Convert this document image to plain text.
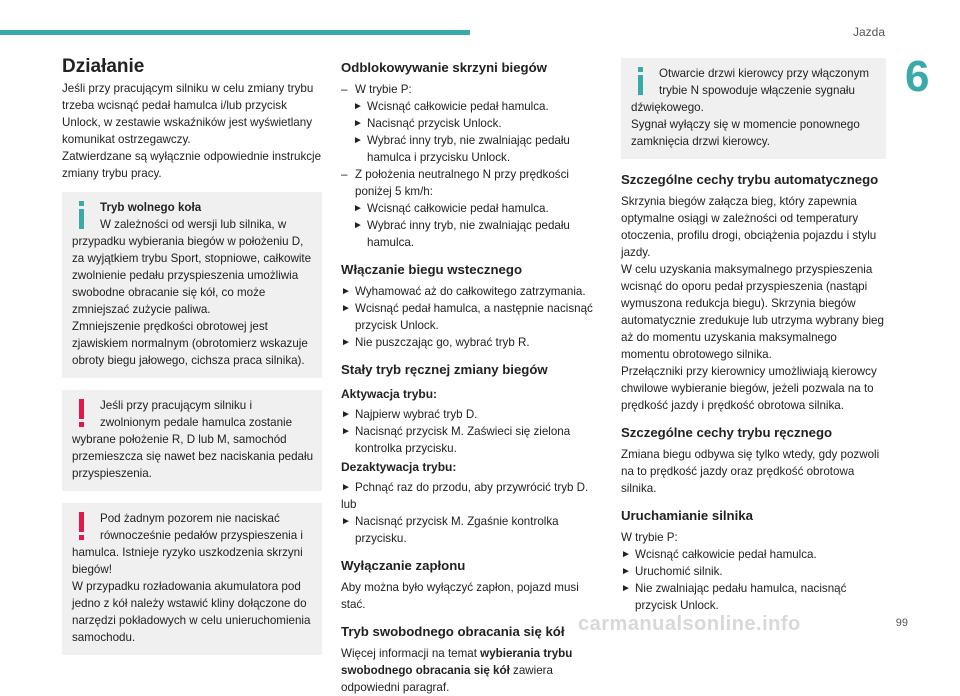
Jazda
6
Działanie

Jeśli przy pracującym silniku w celu zmiany trybu trzeba wcisnąć pedał hamulca i/lub przycisk Unlock, w zestawie wskaźników jest wyświetlany komunikat ostrzegawczy.

Zatwierdzane są wyłącznie odpowiednie instrukcje zmiany trybu pracy.

Tryb wolnego koła

W zależności od wersji lub silnika, w przypadku wybierania biegów w położeniu D, za wyjątkiem trybu Sport, stopniowe, całkowite zwolnienie pedału przyspieszenia umożliwia swobodne obracanie się kół, co może zmniejszać zużycie paliwa.

Zmniejszenie prędkości obrotowej jest zjawiskiem normalnym (obrotomierz wskazuje obroty biegu jałowego, cichsza praca silnika).

Jeśli przy pracującym silniku i zwolnionym pedale hamulca zostanie wybrane położenie R, D lub M, samochód przemieszcza się nawet bez naciskania pedału przyspieszenia.

Pod żadnym pozorem nie naciskać równocześnie pedałów przyspieszenia i hamulca. Istnieje ryzyko uszkodzenia skrzyni biegów!

W przypadku rozładowania akumulatora pod jedno z kół należy wstawić kliny dołączone do narzędzi pokładowych w celu unieruchomienia samochodu.

Odblokowywanie skrzyni biegów
– W trybie P:
► Wcisnąć całkowicie pedał hamulca.
► Nacisnąć przycisk Unlock.
► Wybrać inny tryb, nie zwalniając pedału hamulca i przycisku Unlock.
– Z położenia neutralnego N przy prędkości poniżej 5 km/h:
► Wcisnąć całkowicie pedał hamulca.
► Wybrać inny tryb, nie zwalniając pedału hamulca.
Włączanie biegu wstecznego
► Wyhamować aż do całkowitego zatrzymania.
► Wcisnąć pedał hamulca, a następnie nacisnąć przycisk Unlock.
► Nie puszczając go, wybrać tryb R.
Stały tryb ręcznej zmiany biegów
Aktywacja trybu:
► Najpierw wybrać tryb D.
► Nacisnąć przycisk M. Zaświeci się zielona kontrolka przycisku.
Dezaktywacja trybu:
► Pchnąć raz do przodu, aby przywrócić tryb D.
lub
► Nacisnąć przycisk M. Zgaśnie kontrolka przycisku.
Wyłączanie zapłonu

Aby można było wyłączyć zapłon, pojazd musi stać.

Tryb swobodnego obracania się kół

Więcej informacji na temat wybierania trybu swobodnego obracania się kół zawiera odpowiedni paragraf.

Otwarcie drzwi kierowcy przy włączonym trybie N spowoduje włączenie sygnału dźwiękowego.

Sygnał wyłączy się w momencie ponownego zamknięcia drzwi kierowcy.

Szczególne cechy trybu automatycznego

Skrzynia biegów załącza bieg, który zapewnia optymalne osiągi w zależności od temperatury otoczenia, profilu drogi, obciążenia pojazdu i stylu jazdy.

W celu uzyskania maksymalnego przyspieszenia wcisnąć do oporu pedał przyspieszenia (nastąpi wymuszona redukcja biegu). Skrzynia biegów automatycznie zredukuje lub utrzyma wybrany bieg aż do momentu uzyskania maksymalnego momentu obrotowego silnika.

Przełączniki przy kierownicy umożliwiają kierowcy chwilowe wybieranie biegów, jeżeli pozwala na to prędkość jazdy i prędkość obrotowa silnika.

Szczególne cechy trybu ręcznego

Zmiana biegu odbywa się tylko wtedy, gdy pozwoli na to prędkość jazdy oraz prędkość obrotowa silnika.

Uruchamianie silnika
W trybie P:
► Wcisnąć całkowicie pedał hamulca.
► Uruchomić silnik.
► Nie zwalniając pedału hamulca, nacisnąć przycisk Unlock.
carmanualsonline.info	99
